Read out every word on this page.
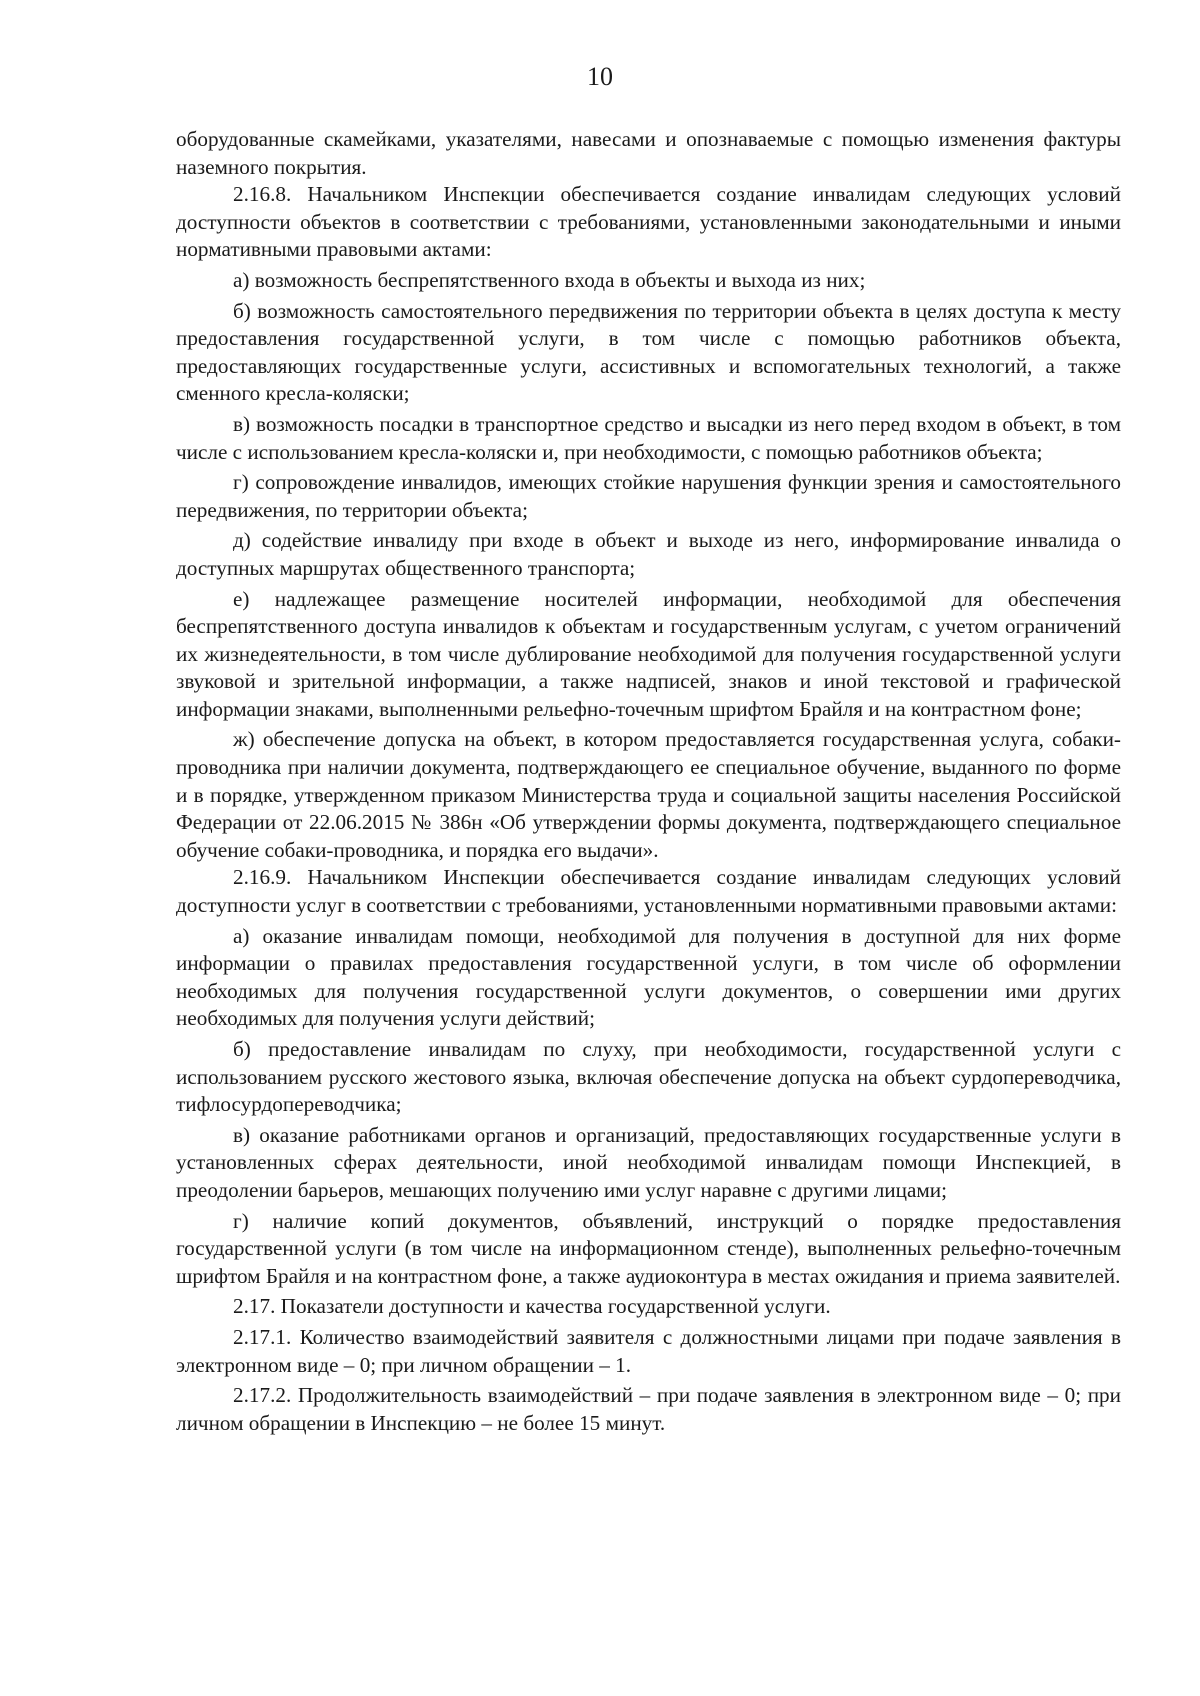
10

оборудованные скамейками, указателями, навесами и опознаваемые с помощью изменения фактуры наземного покрытия.

2.16.8. Начальником Инспекции обеспечивается создание инвалидам следующих условий доступности объектов в соответствии с требованиями, установленными законодательными и иными нормативными правовыми актами:

а) возможность беспрепятственного входа в объекты и выхода из них;

б) возможность самостоятельного передвижения по территории объекта в целях доступа к месту предоставления государственной услуги, в том числе с помощью работников объекта, предоставляющих государственные услуги, ассистивных и вспомогательных технологий, а также сменного кресла-коляски;

в) возможность посадки в транспортное средство и высадки из него перед входом в объект, в том числе с использованием кресла-коляски и, при необходимости, с помощью работников объекта;

г) сопровождение инвалидов, имеющих стойкие нарушения функции зрения и самостоятельного передвижения, по территории объекта;

д) содействие инвалиду при входе в объект и выходе из него, информирование инвалида о доступных маршрутах общественного транспорта;

е) надлежащее размещение носителей информации, необходимой для обеспечения беспрепятственного доступа инвалидов к объектам и государственным услугам, с учетом ограничений их жизнедеятельности, в том числе дублирование необходимой для получения государственной услуги звуковой и зрительной информации, а также надписей, знаков и иной текстовой и графической информации знаками, выполненными рельефно-точечным шрифтом Брайля и на контрастном фоне;

ж) обеспечение допуска на объект, в котором предоставляется государственная услуга, собаки-проводника при наличии документа, подтверждающего ее специальное обучение, выданного по форме и в порядке, утвержденном приказом Министерства труда и социальной защиты населения Российской Федерации от 22.06.2015 № 386н «Об утверждении формы документа, подтверждающего специальное обучение собаки-проводника, и порядка его выдачи».

2.16.9. Начальником Инспекции обеспечивается создание инвалидам следующих условий доступности услуг в соответствии с требованиями, установленными нормативными правовыми актами:

а) оказание инвалидам помощи, необходимой для получения в доступной для них форме информации о правилах предоставления государственной услуги, в том числе об оформлении необходимых для получения государственной услуги документов, о совершении ими других необходимых для получения услуги действий;

б) предоставление инвалидам по слуху, при необходимости, государственной услуги с использованием русского жестового языка, включая обеспечение допуска на объект сурдопереводчика, тифлосурдопереводчика;

в) оказание работниками органов и организаций, предоставляющих государственные услуги в установленных сферах деятельности, иной необходимой инвалидам помощи Инспекцией, в преодолении барьеров, мешающих получению ими услуг наравне с другими лицами;

г) наличие копий документов, объявлений, инструкций о порядке предоставления государственной услуги (в том числе на информационном стенде), выполненных рельефно-точечным шрифтом Брайля и на контрастном фоне, а также аудиоконтура в местах ожидания и приема заявителей.

2.17. Показатели доступности и качества государственной услуги.

2.17.1. Количество взаимодействий заявителя с должностными лицами при подаче заявления в электронном виде – 0; при личном обращении – 1.

2.17.2. Продолжительность взаимодействий – при подаче заявления в электронном виде – 0; при личном обращении в Инспекцию – не более 15 минут.
